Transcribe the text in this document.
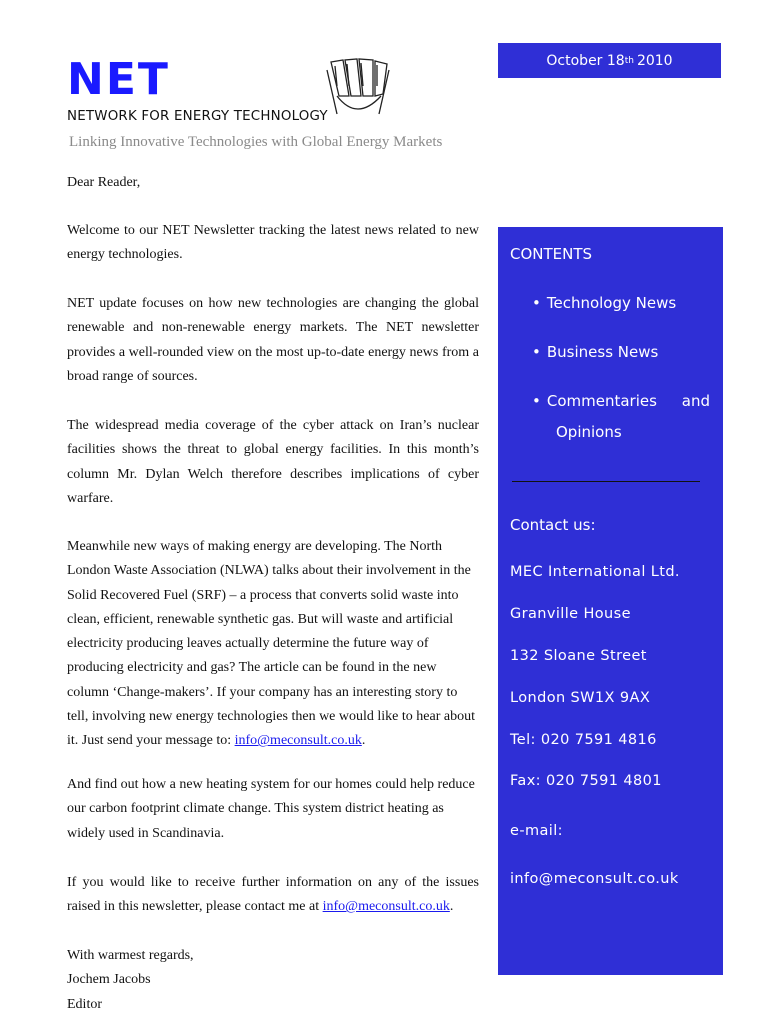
October 18 th 2010
NET
NETWORK FOR ENERGY TECHNOLOGY
Linking Innovative Technologies with Global Energy Markets

Dear Reader,

Welcome to our NET Newsletter tracking the latest news related to new energy technologies.

NET update focuses on how new technologies are changing the global renewable and non-renewable energy markets. The NET newsletter provides a well-rounded view on the most up-to-date energy news from a broad range of sources.

The widespread media coverage of the cyber attack on Iran’s nuclear facilities shows the threat to global energy facilities. In this month’s column Mr. Dylan Welch therefore describes implications of cyber warfare.

Meanwhile new ways of making energy are developing. The North London Waste Association (NLWA) talks about their involvement in the Solid Recovered Fuel (SRF) – a process that converts solid waste into clean, efficient, renewable synthetic gas. But will waste and artificial electricity producing leaves actually determine the future way of producing electricity and gas? The article can be found in the new column ‘Change-makers’. If your company has an interesting story to tell, involving new energy technologies then we would like to hear about it. Just send your message to: info@meconsult.co.uk.

And find out how a new heating system for our homes could help reduce our carbon footprint climate change. This system district heating as widely used in Scandinavia.

If you would like to receive further information on any of the issues raised in this newsletter, please contact me at info@meconsult.co.uk.

With warmest regards,

Jochem Jacobs

Editor

CONTENTS
• Technology News
• Business News
• Commentaries and
Opinions
Contact us:
MEC International Ltd.
Granville House
132 Sloane Street
London SW1X 9AX
Tel: 020 7591 4816
Fax: 020 7591 4801
e-mail:
info@meconsult.co.uk
